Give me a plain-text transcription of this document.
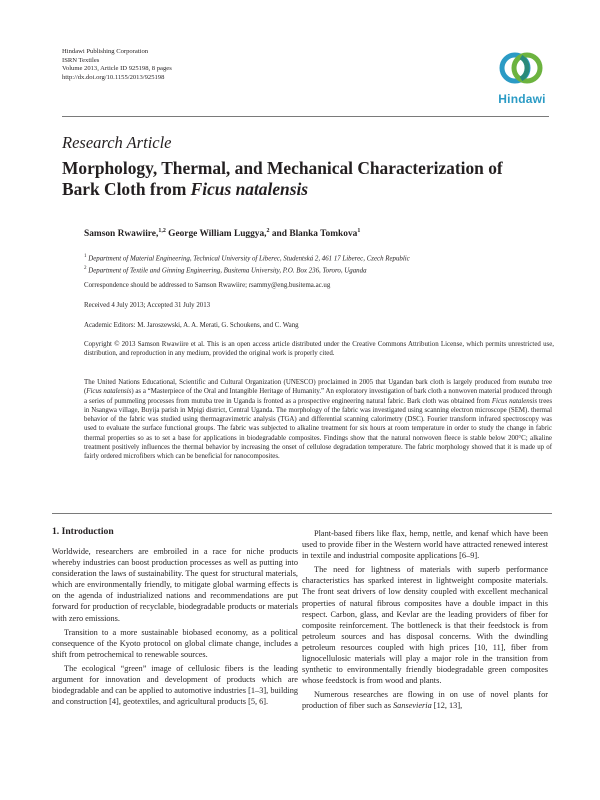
Hindawi Publishing Corporation
ISRN Textiles
Volume 2013, Article ID 925198, 8 pages
http://dx.doi.org/10.1155/2013/925198
Hindawi
Research Article
Morphology, Thermal, and Mechanical Characterization of
Bark Cloth from Ficus natalensis
Samson Rwawiire,$^{1,2}$ George William Luggya,$^2$ and Blanka Tomkova$^1$
$^1$ Department of Material Engineering, Technical University of Liberec, Studentská 2, 461 17 Liberec, Czech Republic
$^2$ Department of Textile and Ginning Engineering, Busitema University, P.O. Box 236, Tororo, Uganda
Correspondence should be addressed to Samson Rwawiire; rsammy@eng.busitema.ac.ug
Received 4 July 2013; Accepted 31 July 2013
Academic Editors: M. Jaroszewski, A. A. Merati, G. Schoukens, and C. Wang
Copyright © 2013 Samson Rwawiire et al. This is an open access article distributed under the Creative Commons Attribution License, which permits unrestricted use, distribution, and reproduction in any medium, provided the original work is properly cited.
The United Nations Educational, Scientific and Cultural Organization (UNESCO) proclaimed in 2005 that Ugandan bark cloth is largely produced from mutuba tree (Ficus natalensis) as a “Masterpiece of the Oral and Intangible Heritage of Humanity.” An exploratory investigation of bark cloth a nonwoven material produced through a series of pummeling processes from mutuba tree in Uganda is fronted as a prospective engineering natural fabric. Bark cloth was obtained from Ficus natalensis trees in Nsangwa village, Buyija parish in Mpigi district, Central Uganda. The morphology of the fabric was investigated using scanning electron microscope (SEM). thermal behavior of the fabric was studied using thermagravimetric analysis (TGA) and differential scanning calorimetry (DSC). Fourier transform infrared spectroscopy was used to evaluate the surface functional groups. The fabric was subjected to alkaline treatment for six hours at room temperature in order to study the change in fabric thermal properties so as to set a base for applications in biodegradable composites. Findings show that the natural nonwoven fleece is stable below 200°C; alkaline treatment positively influences the thermal behavior by increasing the onset of cellulose degradation temperature. The fabric morphology showed that it is made up of fairly ordered microfibers which can be beneficial for nanocomposites.
1. Introduction

Worldwide, researchers are embroiled in a race for niche products whereby industries can boost production processes as well as putting into consideration the laws of sustainability. The quest for structural materials, which are environmentally friendly, to mitigate global warming effects is on the agenda of industrialized nations and recommendations are put forward for production of recyclable, biodegradable products or materials with zero emissions.

Transition to a more sustainable biobased economy, as a political consequence of the Kyoto protocol on global climate change, includes a shift from petrochemical to renewable sources.

The ecological “green” image of cellulosic fibers is the leading argument for innovation and development of products which are biodegradable and can be applied to automotive industries [1–3], building and construction [4], geotextiles, and agricultural products [5, 6].

Plant-based fibers like flax, hemp, nettle, and kenaf which have been used to provide fiber in the Western world have attracted renewed interest in textile and industrial composite applications [6–9].

The need for lightness of materials with superb performance characteristics has sparked interest in lightweight composite materials. The front seat drivers of low density coupled with excellent mechanical properties of natural fibrous composites have a double impact in this respect. Carbon, glass, and Kevlar are the leading providers of fiber for composite reinforcement. The bottleneck is that their feedstock is from petroleum sources and has disposal concerns. With the dwindling petroleum resources coupled with high prices [10, 11], fiber from lignocellulosic materials will play a major role in the transition from synthetic to environmentally friendly biodegradable green composites whose feedstock is from wood and plants.

Numerous researches are flowing in on use of novel plants for production of fiber such as Sansevieria [12, 13],
